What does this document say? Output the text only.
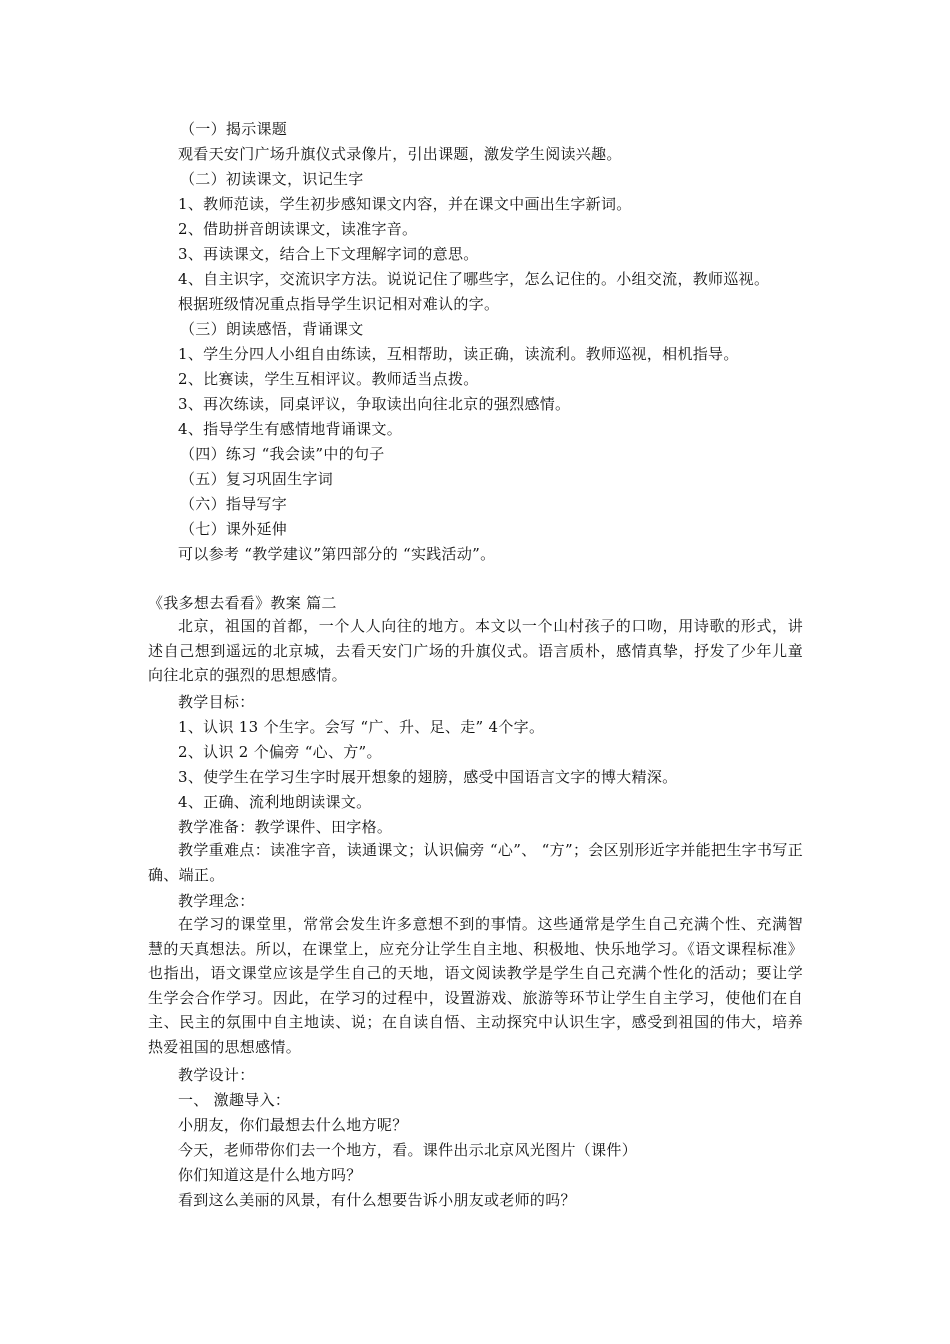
（一）揭示课题
观看天安门广场升旗仪式录像片，引出课题，激发学生阅读兴趣。
（二）初读课文，识记生字
1、教师范读，学生初步感知课文内容，并在课文中画出生字新词。
2、借助拼音朗读课文，读准字音。
3、再读课文，结合上下文理解字词的意思。
4、自主识字，交流识字方法。说说记住了哪些字，怎么记住的。小组交流，教师巡视。
根据班级情况重点指导学生识记相对难认的字。
（三）朗读感悟，背诵课文
1、学生分四人小组自由练读，互相帮助，读正确，读流利。教师巡视，相机指导。
2、比赛读，学生互相评议。教师适当点拨。
3、再次练读，同桌评议，争取读出向往北京的强烈感情。
4、指导学生有感情地背诵课文。
（四）练习 “我会读”中的句子
（五）复习巩固生字词
（六）指导写字
（七）课外延伸
可以参考 “教学建议”第四部分的 “实践活动”。
《我多想去看看》教案 篇二
北京，祖国的首都，一个人人向往的地方。本文以一个山村孩子的口吻，用诗歌的形式，讲述自己想到遥远的北京城，去看天安门广场的升旗仪式。语言质朴，感情真挚，抒发了少年儿童向往北京的强烈的思想感情。
教学目标：
1、认识 13 个生字。会写 “广、升、足、走” 4个字。
2、认识 2 个偏旁 “心、方”。
3、使学生在学习生字时展开想象的翅膀，感受中国语言文字的博大精深。
4、正确、流利地朗读课文。
教学准备：教学课件、田字格。
教学重难点：读准字音，读通课文；认识偏旁 “心”、 “方”；会区别形近字并能把生字书写正确、端正。
教学理念：
在学习的课堂里，常常会发生许多意想不到的事情。这些通常是学生自己充满个性、充满智慧的天真想法。所以，在课堂上，应充分让学生自主地、积极地、快乐地学习。《语文课程标准》也指出，语文课堂应该是学生自己的天地，语文阅读教学是学生自己充满个性化的活动；要让学生学会合作学习。因此，在学习的过程中，设置游戏、旅游等环节让学生自主学习，使他们在自主、民主的氛围中自主地读、说；在自读自悟、主动探究中认识生字，感受到祖国的伟大，培养热爱祖国的思想感情。
教学设计：
一、 激趣导入：
小朋友，你们最想去什么地方呢？
今天，老师带你们去一个地方，看。课件出示北京风光图片（课件）
你们知道这是什么地方吗？
看到这么美丽的风景，有什么想要告诉小朋友或老师的吗？
